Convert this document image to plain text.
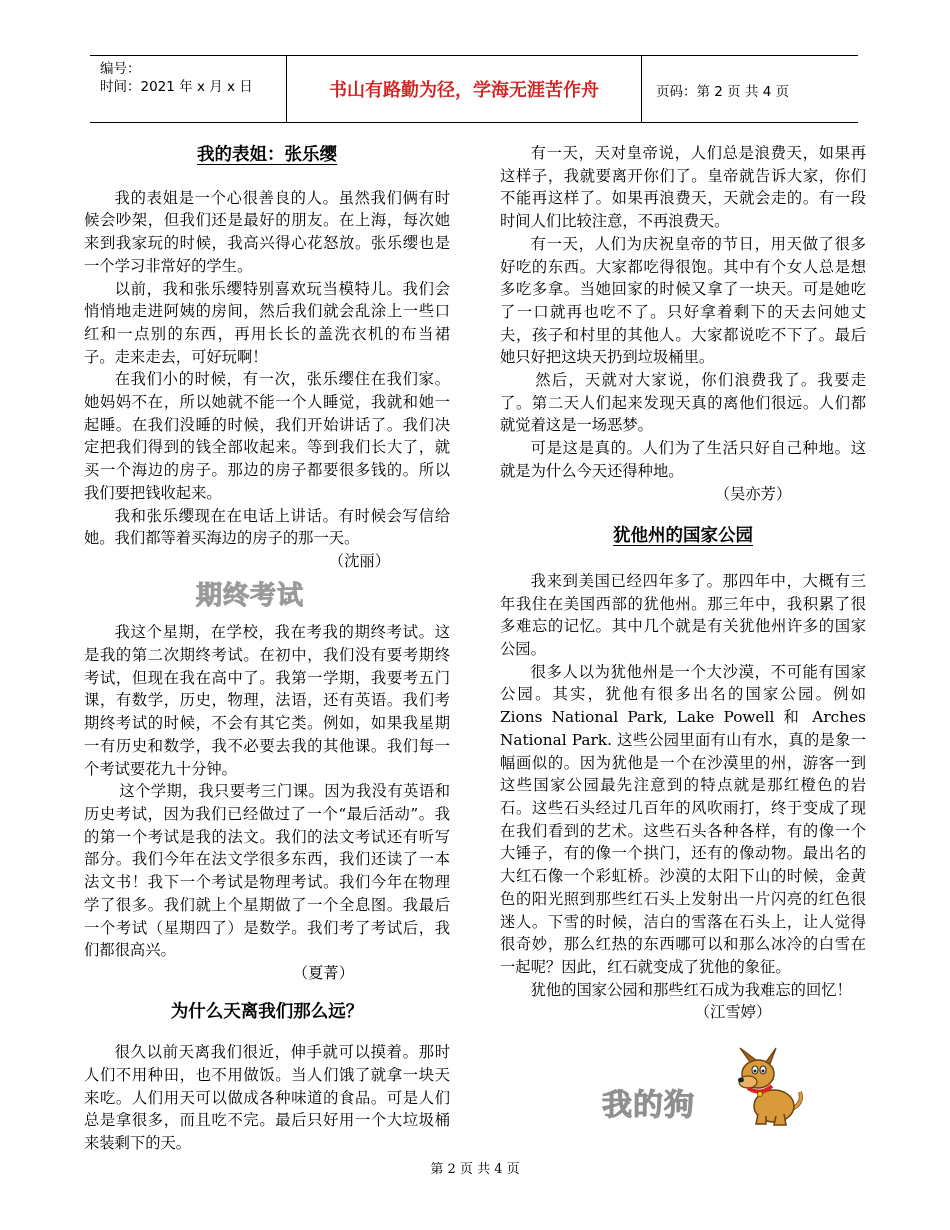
编号：
时间：2021 年 x 月 x 日	书山有路勤为径，学海无涯苦作舟	页码：第 2 页 共 4 页
我的表姐：张乐缨

我的表姐是一个心很善良的人。虽然我们俩有时候会吵架，但我们还是最好的朋友。在上海，每次她来到我家玩的时候，我高兴得心花怒放。张乐缨也是一个学习非常好的学生。

以前，我和张乐缨特别喜欢玩当模特儿。我们会悄悄地走进阿姨的房间，然后我们就会乱涂上一些口红和一点别的东西，再用长长的盖洗衣机的布当裙子。走来走去，可好玩啊！

在我们小的时候，有一次，张乐缨住在我们家。她妈妈不在，所以她就不能一个人睡觉，我就和她一起睡。在我们没睡的时候，我们开始讲话了。我们决定把我们得到的钱全部收起来。等到我们长大了，就买一个海边的房子。那边的房子都要很多钱的。所以我们要把钱收起来。

我和张乐缨现在在电话上讲话。有时候会写信给她。我们都等着买海边的房子的那一天。

（沈丽）

期终考试

我这个星期，在学校，我在考我的期终考试。这是我的第二次期终考试。在初中，我们没有要考期终考试，但现在我在高中了。我第一学期，我要考五门课，有数学，历史，物理，法语，还有英语。我们考期终考试的时候，不会有其它类。例如，如果我星期一有历史和数学，我不必要去我的其他课。我们每一个考试要花九十分钟。

这个学期，我只要考三门课。因为我没有英语和历史考试，因为我们已经做过了一个“最后活动”。我的第一个考试是我的法文。我们的法文考试还有听写部分。我们今年在法文学很多东西，我们还读了一本法文书！我下一个考试是物理考试。我们今年在物理学了很多。我们就上个星期做了一个全息图。我最后一个考试（星期四了）是数学。我们考了考试后，我们都很高兴。

（夏菁）

为什么天离我们那么远？

很久以前天离我们很近，伸手就可以摸着。那时人们不用种田，也不用做饭。当人们饿了就拿一块天来吃。人们用天可以做成各种味道的食品。可是人们总是拿很多，而且吃不完。最后只好用一个大垃圾桶来装剩下的天。

有一天，天对皇帝说，人们总是浪费天，如果再这样子，我就要离开你们了。皇帝就告诉大家，你们不能再这样了。如果再浪费天，天就会走的。有一段时间人们比较注意，不再浪费天。

有一天，人们为庆祝皇帝的节日，用天做了很多好吃的东西。大家都吃得很饱。其中有个女人总是想多吃多拿。当她回家的时候又拿了一块天。可是她吃了一口就再也吃不了。只好拿着剩下的天去问她丈夫，孩子和村里的其他人。大家都说吃不下了。最后她只好把这块天扔到垃圾桶里。

然后，天就对大家说，你们浪费我了。我要走了。第二天人们起来发现天真的离他们很远。人们都就觉着这是一场恶梦。

可是这是真的。人们为了生活只好自己种地。这就是为什么今天还得种地。

（吴亦芳）

犹他州的国家公园

我来到美国已经四年多了。那四年中，大概有三年我住在美国西部的犹他州。那三年中，我积累了很多难忘的记忆。其中几个就是有关犹他州许多的国家公园。

很多人以为犹他州是一个大沙漠，不可能有国家公园。其实，犹他有很多出名的国家公园。例如 Zions National Park, Lake Powell 和 Arches National Park. 这些公园里面有山有水，真的是象一幅画似的。因为犹他是一个在沙漠里的州，游客一到这些国家公园最先注意到的特点就是那红橙色的岩石。这些石头经过几百年的风吹雨打，终于变成了现在我们看到的艺术。这些石头各种各样，有的像一个大锤子，有的像一个拱门，还有的像动物。最出名的大红石像一个彩虹桥。沙漠的太阳下山的时候，金黄色的阳光照到那些红石头上发射出一片闪亮的红色很迷人。下雪的时候，洁白的雪落在石头上，让人觉得很奇妙，那么红热的东西哪可以和那么冰冷的白雪在一起呢？因此，红石就变成了犹他的象征。

犹他的国家公园和那些红石成为我难忘的回忆！

（江雪婷）

我的狗
第 2 页 共 4 页
